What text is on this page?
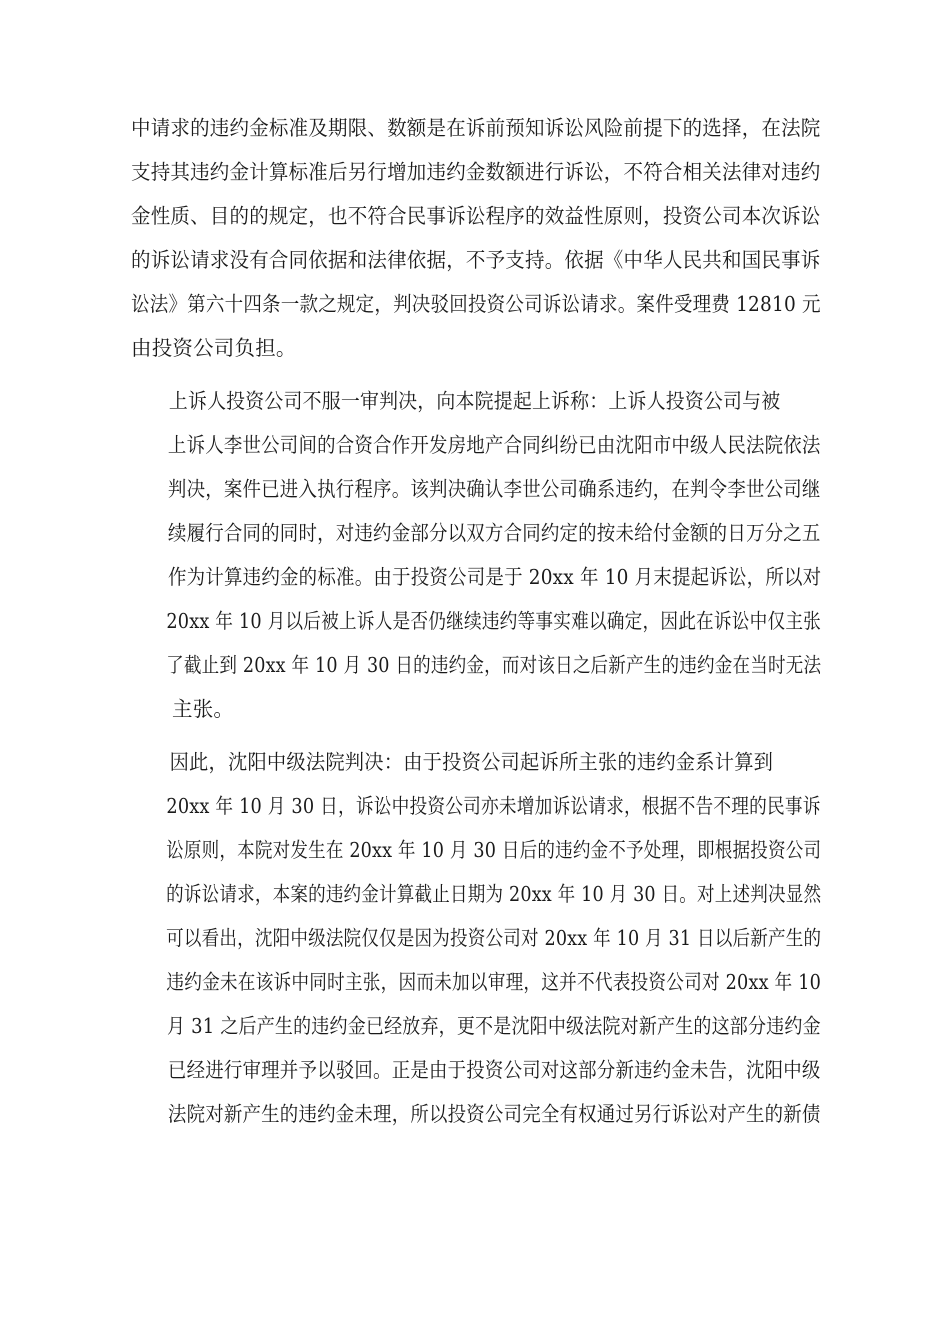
中请求的违约金标准及期限、数额是在诉前预知诉讼风险前提下的选择，在法院
支持其违约金计算标准后另行增加违约金数额进行诉讼，不符合相关法律对违约
金性质、目的的规定，也不符合民事诉讼程序的效益性原则，投资公司本次诉讼
的诉讼请求没有合同依据和法律依据，不予支持。依据《中华人民共和国民事诉
讼法》第六十四条一款之规定，判决驳回投资公司诉讼请求。案件受理费 12810 元
由投资公司负担。
上诉人投资公司不服一审判决，向本院提起上诉称：上诉人投资公司与被
上诉人李世公司间的合资合作开发房地产合同纠纷已由沈阳市中级人民法院依法
判决，案件已进入执行程序。该判决确认李世公司确系违约，在判令李世公司继
续履行合同的同时，对违约金部分以双方合同约定的按未给付金额的日万分之五
作为计算违约金的标准。由于投资公司是于 20xx 年 10 月末提起诉讼，所以对
20xx 年 10 月以后被上诉人是否仍继续违约等事实难以确定，因此在诉讼中仅主张
了截止到 20xx 年 10 月 30 日的违约金，而对该日之后新产生的违约金在当时无法
主张。
因此，沈阳中级法院判决：由于投资公司起诉所主张的违约金系计算到
20xx 年 10 月 30 日，诉讼中投资公司亦未增加诉讼请求，根据不告不理的民事诉
讼原则，本院对发生在 20xx 年 10 月 30 日后的违约金不予处理，即根据投资公司
的诉讼请求，本案的违约金计算截止日期为 20xx 年 10 月 30 日。对上述判决显然
可以看出，沈阳中级法院仅仅是因为投资公司对 20xx 年 10 月 31 日以后新产生的
违约金未在该诉中同时主张，因而未加以审理，这并不代表投资公司对 20xx 年 10
月 31 之后产生的违约金已经放弃，更不是沈阳中级法院对新产生的这部分违约金
已经进行审理并予以驳回。正是由于投资公司对这部分新违约金未告，沈阳中级
法院对新产生的违约金未理，所以投资公司完全有权通过另行诉讼对产生的新债
